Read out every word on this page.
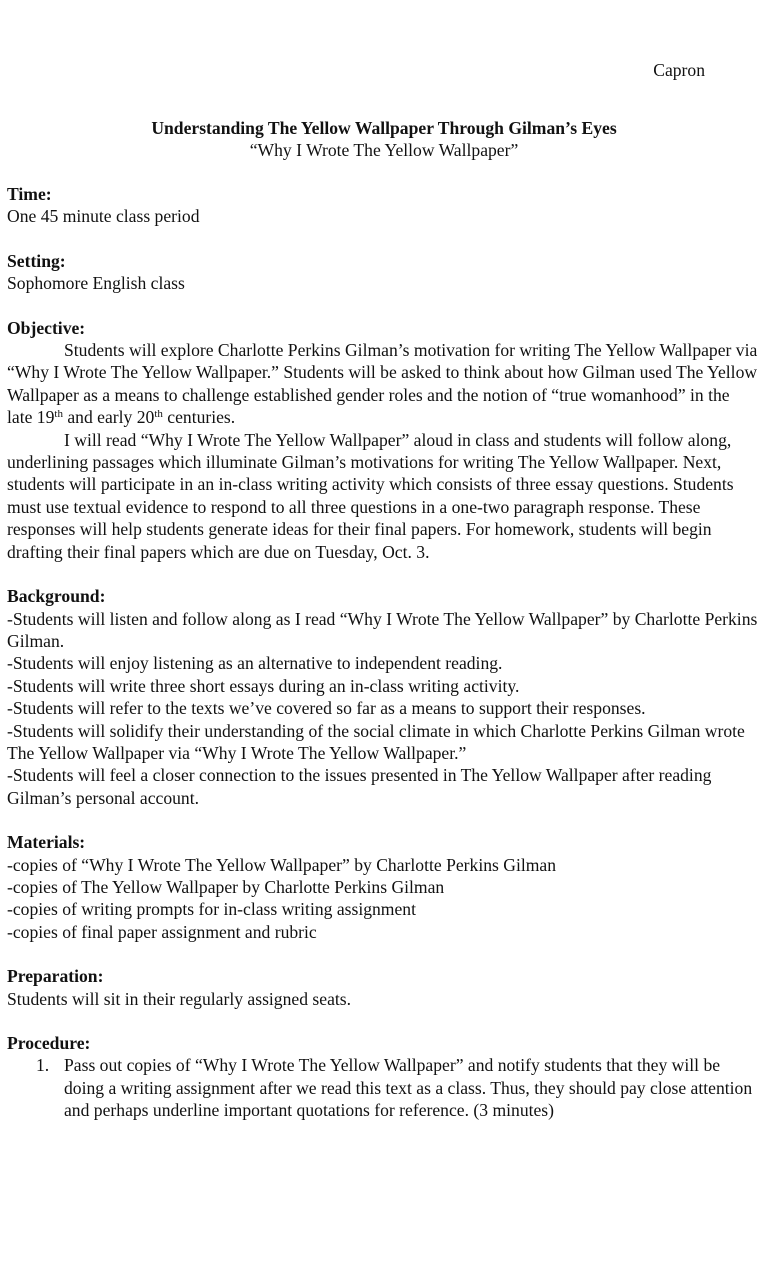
Capron
Understanding The Yellow Wallpaper Through Gilman’s Eyes
“Why I Wrote The Yellow Wallpaper”
Time:
One 45 minute class period
Setting:
Sophomore English class
Objective:

Students will explore Charlotte Perkins Gilman’s motivation for writing The Yellow Wallpaper via “Why I Wrote The Yellow Wallpaper.” Students will be asked to think about how Gilman used The Yellow Wallpaper as a means to challenge established gender roles and the notion of “true womanhood” in the late 19th and early 20th centuries.

I will read “Why I Wrote The Yellow Wallpaper” aloud in class and students will follow along, underlining passages which illuminate Gilman’s motivations for writing The Yellow Wallpaper. Next, students will participate in an in-class writing activity which consists of three essay questions. Students must use textual evidence to respond to all three questions in a one-two paragraph response. These responses will help students generate ideas for their final papers. For homework, students will begin drafting their final papers which are due on Tuesday, Oct. 3.

Background:
-Students will listen and follow along as I read “Why I Wrote The Yellow Wallpaper” by Charlotte Perkins Gilman.
-Students will enjoy listening as an alternative to independent reading.
-Students will write three short essays during an in-class writing activity.
-Students will refer to the texts we’ve covered so far as a means to support their responses.
-Students will solidify their understanding of the social climate in which Charlotte Perkins Gilman wrote The Yellow Wallpaper via “Why I Wrote The Yellow Wallpaper.”
-Students will feel a closer connection to the issues presented in The Yellow Wallpaper after reading Gilman’s personal account.
Materials:
-copies of “Why I Wrote The Yellow Wallpaper” by Charlotte Perkins Gilman
-copies of The Yellow Wallpaper by Charlotte Perkins Gilman
-copies of writing prompts for in-class writing assignment
-copies of final paper assignment and rubric
Preparation:
Students will sit in their regularly assigned seats.
Procedure:
1. Pass out copies of “Why I Wrote The Yellow Wallpaper” and notify students that they will be doing a writing assignment after we read this text as a class. Thus, they should pay close attention and perhaps underline important quotations for reference. (3 minutes)
